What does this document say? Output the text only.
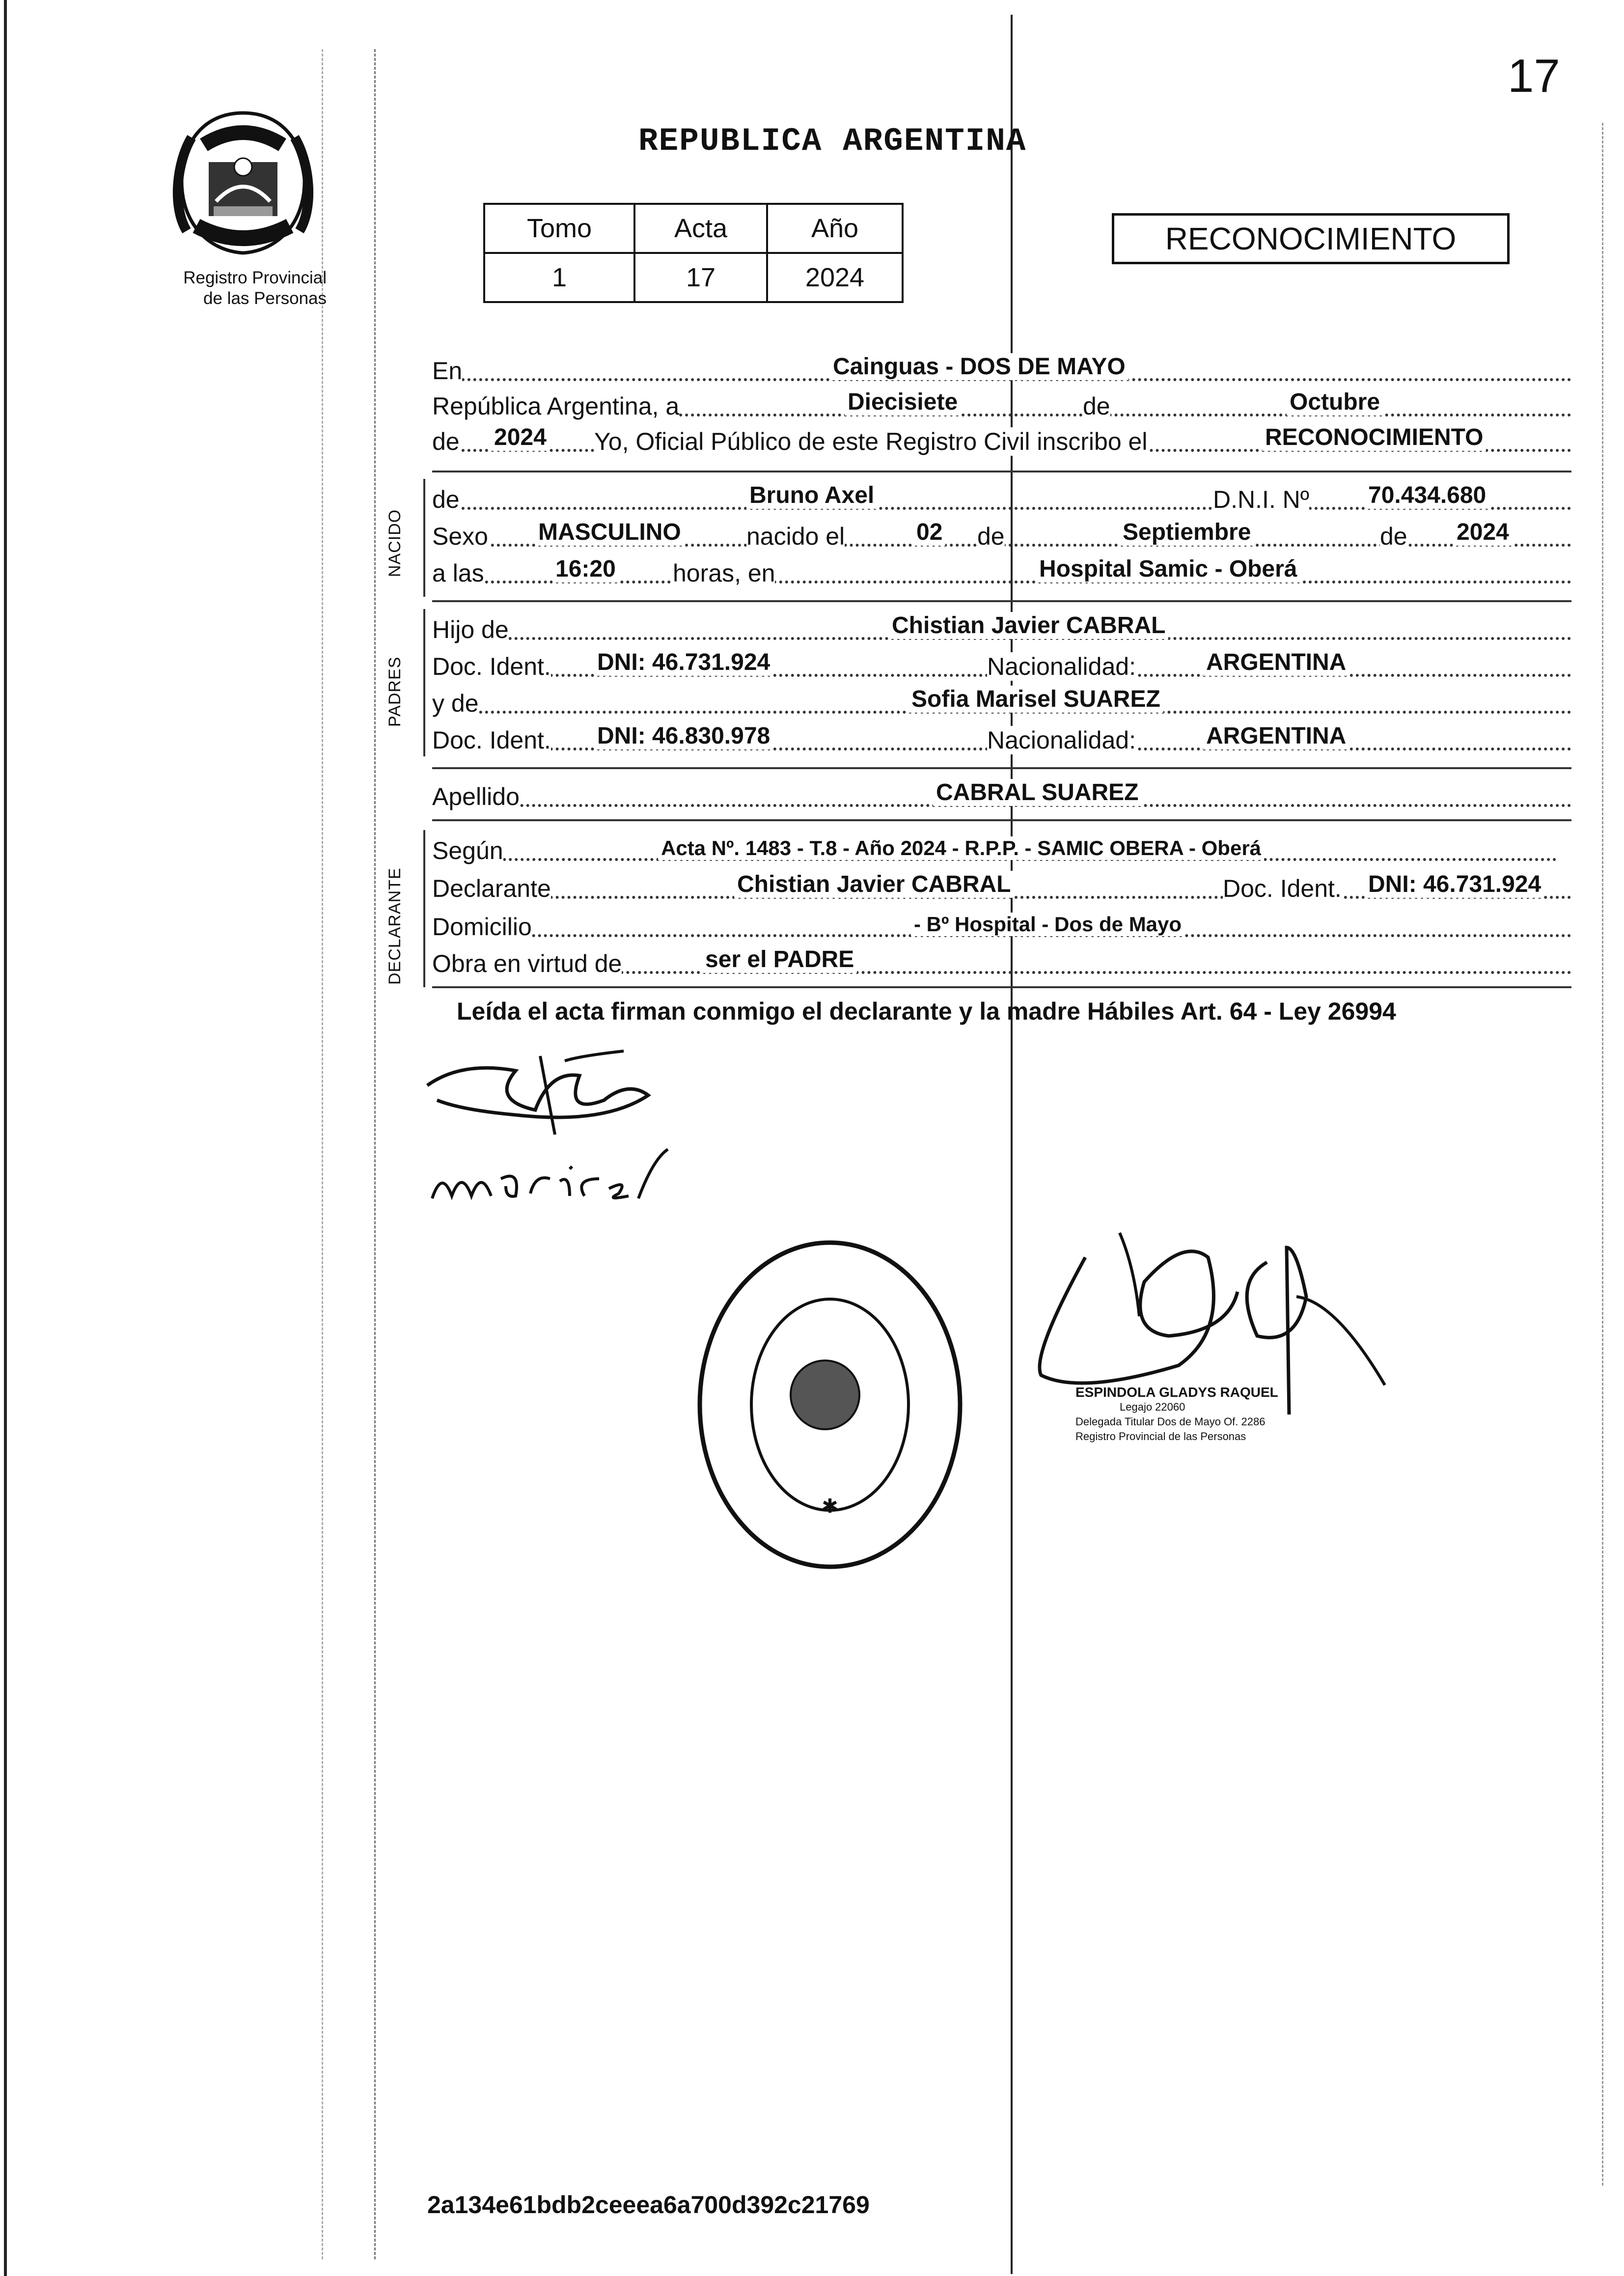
17
Registro Provincial
de las Personas
REPUBLICA ARGENTINA
Tomo	Acta	Año
1	17	2024
RECONOCIMIENTO
En	Cainguas - DOS DE MAYO
República Argentina, a	Diecisiete	de	Octubre
de 2024 Yo, Oficial Público de este Registro Civil inscribo el	RECONOCIMIENTO
NACIDO
de	Bruno Axel	D.N.I. Nº 70.434.680
Sexo MASCULINO	nacido el	02 de	Septiembre	de 2024
a las	16:20 horas, en	Hospital Samic - Oberá
PADRES
Hijo de	Chistian Javier CABRAL
Doc. Ident. DNI: 46.731.924	Nacionalidad:	ARGENTINA
y de	Sofia Marisel SUAREZ
Doc. Ident. DNI: 46.830.978	Nacionalidad:	ARGENTINA
Apellido	CABRAL SUAREZ
DECLARANTE
Según	Acta Nº. 1483 - T.8 - Año 2024 - R.P.P. - SAMIC OBERA - Oberá
Declarante	Chistian Javier CABRAL	Doc. Ident. DNI: 46.731.924
Domicilio	- Bº Hospital - Dos de Mayo
Obra en virtud de	ser el PADRE
Leída el acta firman conmigo el declarante y la madre Hábiles Art. 64 - Ley 26994
✱
ESPINDOLA GLADYS RAQUEL
Legajo 22060
Delegada Titular Dos de Mayo Of. 2286
Registro Provincial de las Personas
2a134e61bdb2ceeea6a700d392c21769
